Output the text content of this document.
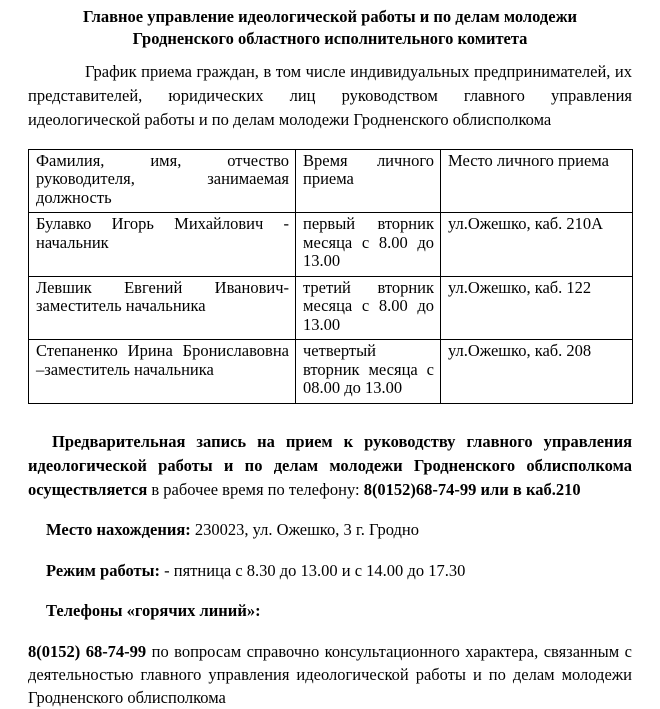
Главное управление идеологической работы и по делам молодежи
Гродненского областного исполнительного комитета

График приема граждан, в том числе индивидуальных предпринимателей, их представителей, юридических лиц руководством главного управления идеологической работы и по делам молодежи Гродненского облисполкома

Фамилия, имя, отчество руководителя, занимаемая должность	Время личного приема	Место личного приема
Булавко Игорь Михайлович - начальник	первый вторник месяца с 8.00 до 13.00	ул.Ожешко, каб. 210А
Левшик Евгений Иванович- заместитель начальника	третий вторник месяца с 8.00 до 13.00	ул.Ожешко, каб. 122
Степаненко Ирина Брониславовна –заместитель начальника	четвертый вторник месяца с 08.00 до 13.00	ул.Ожешко, каб. 208

Предварительная запись на прием к руководству главного управления идеологической работы и по делам молодежи Гродненского облисполкома осуществляется в рабочее время по телефону: 8(0152)68-74-99 или в каб.210

Место нахождения: 230023, ул. Ожешко, 3 г. Гродно

Режим работы: - пятница с 8.30 до 13.00 и с 14.00 до 17.30

Телефоны «горячих линий»:

8(0152) 68-74-99 по вопросам справочно консультационного характера, связанным с деятельностью главного управления идеологической работы и по делам молодежи Гродненского облисполкома
